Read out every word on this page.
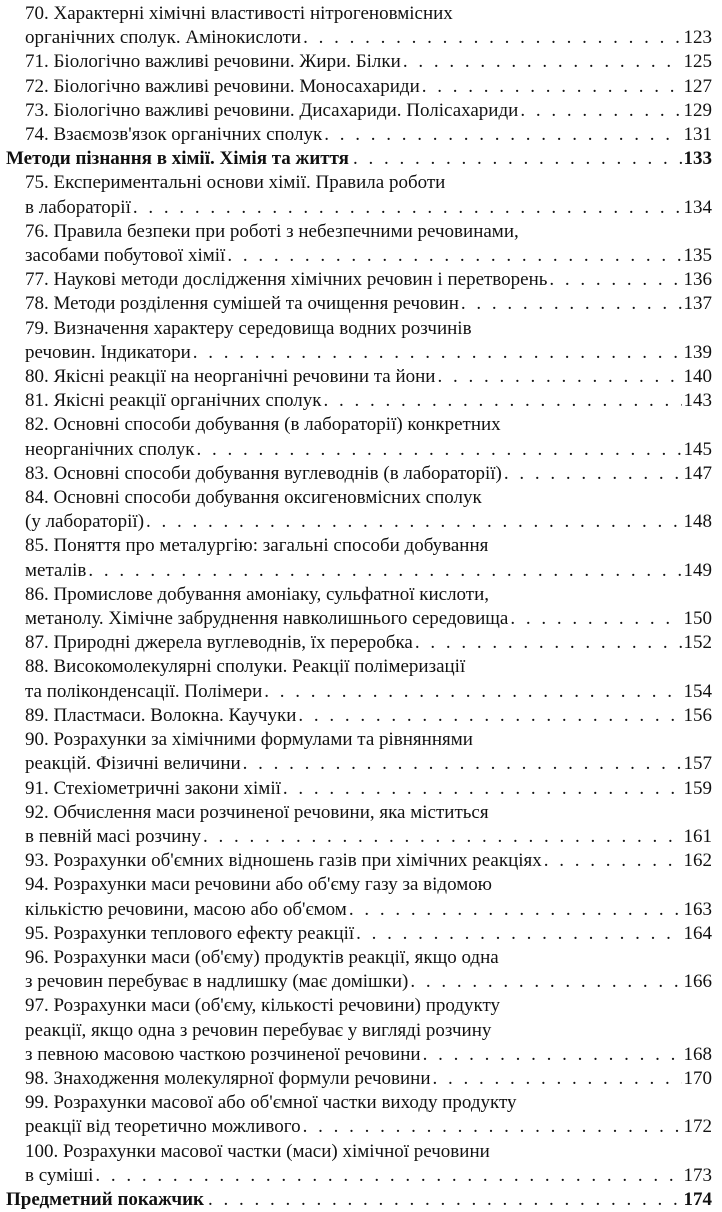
70. Характерні хімічні властивості нітрогеновмісних
органічних сполук. Амінокислоти . . .	123
71. Біологічно важливі речовини. Жири. Білки . . .	125
72. Біологічно важливі речовини. Моносахариди . . .	127
73. Біологічно важливі речовини. Дисахариди. Полісахариди . . .	129
74. Взаємозв'язок органічних сполук . . .	131
Методи пізнання в хімії. Хімія та життя . . .	133
75. Експериментальні основи хімії. Правила роботи
в лабораторії . . .	134
76. Правила безпеки при роботі з небезпечними речовинами,
засобами побутової хімії . . .	135
77. Наукові методи дослідження хімічних речовин і перетворень . . .	136
78. Методи розділення сумішей та очищення речовин . . .	137
79. Визначення характеру середовища водних розчинів
речовин. Індикатори . . .	139
80. Якісні реакції на неорганічні речовини та йони . . .	140
81. Якісні реакції органічних сполук . . .	143
82. Основні способи добування (в лабораторії) конкретних
неорганічних сполук . . .	145
83. Основні способи добування вуглеводнів (в лабораторії) . . .	147
84. Основні способи добування оксигеновмісних сполук
(у лабораторії) . . .	148
85. Поняття про металургію: загальні способи добування
металів . . .	149
86. Промислове добування амоніаку, сульфатної кислоти,
метанолу. Хімічне забруднення навколишнього середовища . . .	150
87. Природні джерела вуглеводнів, їх переробка . . .	152
88. Високомолекулярні сполуки. Реакції полімеризації
та поліконденсації. Полімери . . .	154
89. Пластмаси. Волокна. Каучуки . . .	156
90. Розрахунки за хімічними формулами та рівняннями
реакцій. Фізичні величини . . .	157
91. Стехіометричні закони хімії . . .	159
92. Обчислення маси розчиненої речовини, яка міститься
в певній масі розчину . . .	161
93. Розрахунки об'ємних відношень газів при хімічних реакціях . . .	162
94. Розрахунки маси речовини або об'єму газу за відомою
кількістю речовини, масою або об'ємом . . .	163
95. Розрахунки теплового ефекту реакції . . .	164
96. Розрахунки маси (об'єму) продуктів реакції, якщо одна
з речовин перебуває в надлишку (має домішки) . . .	166
97. Розрахунки маси (об'єму, кількості речовини) продукту
реакції, якщо одна з речовин перебуває у вигляді розчину
з певною масовою часткою розчиненої речовини . . .	168
98. Знаходження молекулярної формули речовини . . .	170
99. Розрахунки масової або об'ємної частки виходу продукту
реакції від теоретично можливого . . .	172
100. Розрахунки масової частки (маси) хімічної речовини
в суміші . . .	173
Предметний покажчик . . .	174
